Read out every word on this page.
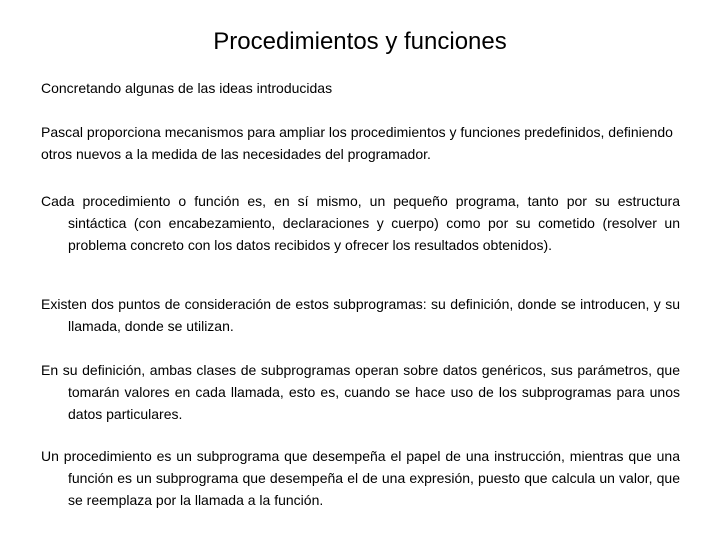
Procedimientos y funciones

Concretando algunas de las ideas introducidas

Pascal proporciona mecanismos para ampliar los procedimientos y funciones predefinidos, definiendo otros nuevos a la medida de las necesidades del programador.

Cada procedimiento o función es, en sí mismo, un pequeño programa, tanto por su estructura sintáctica (con encabezamiento, declaraciones y cuerpo) como por su cometido (resolver un problema concreto con los datos recibidos y ofrecer los resultados obtenidos).

Existen dos puntos de consideración de estos subprogramas: su definición, donde se introducen, y su llamada, donde se utilizan.

En su definición, ambas clases de subprogramas operan sobre datos genéricos, sus parámetros, que tomarán valores en cada llamada, esto es, cuando se hace uso de los subprogramas para unos datos particulares.

Un procedimiento es un subprograma que desempeña el papel de una instrucción, mientras que una función es un subprograma que desempeña el de una expresión, puesto que calcula un valor, que se reemplaza por la llamada a la función.
